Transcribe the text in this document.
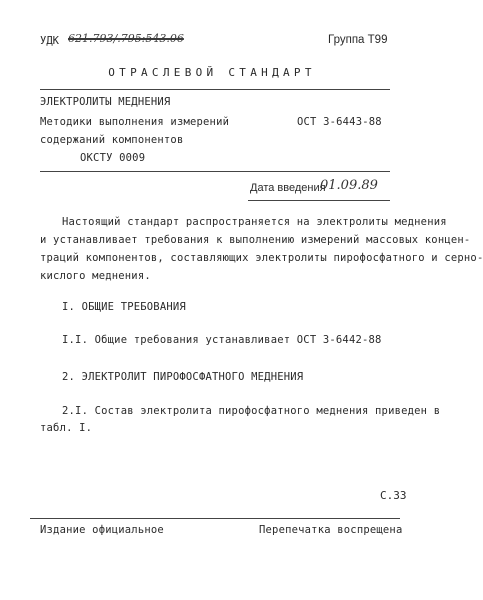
УДК 621.793/.795:543.06	Группа Т99
ОТРАСЛЕВОЙ СТАНДАРТ
ЭЛЕКТРОЛИТЫ МЕДНЕНИЯ
Методики выполнения измерений
содержаний компонентов
ОКСТУ 0009
ОСТ 3-6443-88
Дата введения
01.09.89
Настоящий стандарт распространяется на электролиты меднения
и устанавливает требования к выполнению измерений массовых концен-
траций компонентов, составляющих электролиты пирофосфатного и серно-
кислого меднения.
I. ОБЩИЕ ТРЕБОВАНИЯ
I.I. Общие требования устанавливает ОСТ 3-6442-88
2. ЭЛЕКТРОЛИТ ПИРОФОСФАТНОГО МЕДНЕНИЯ
2.I. Состав электролита пирофосфатного меднения приведен в
табл. I.
С.33
Издание официальное	Перепечатка воспрещена
